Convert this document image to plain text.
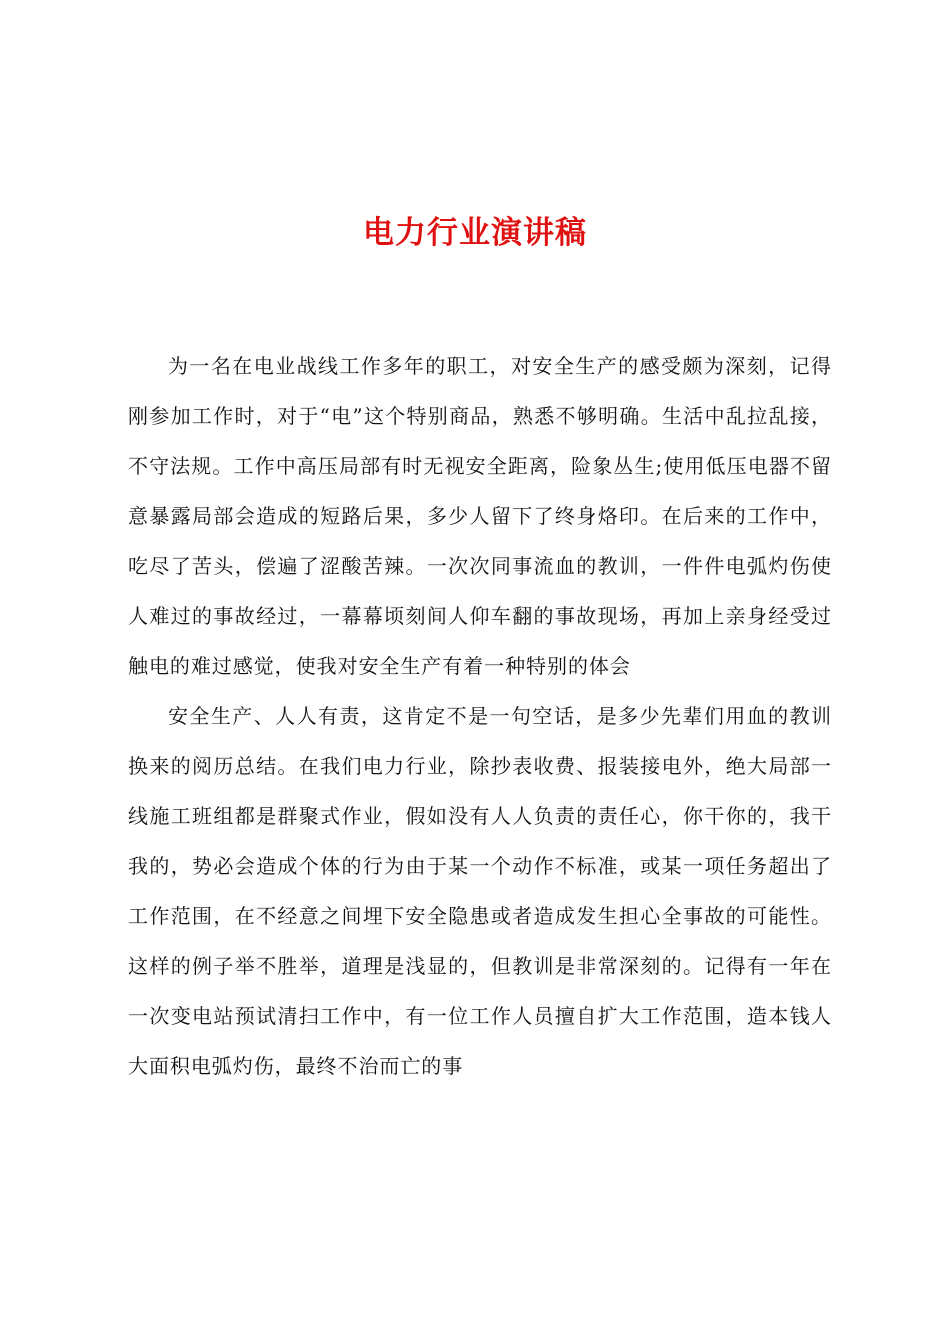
电力行业演讲稿

为一名在电业战线工作多年的职工，对安全生产的感受颇为深刻，记得刚参加工作时，对于“电”这个特别商品，熟悉不够明确。生活中乱拉乱接，不守法规。工作中高压局部有时无视安全距离，险象丛生;使用低压电器不留意暴露局部会造成的短路后果，多少人留下了终身烙印。在后来的工作中，吃尽了苦头，偿遍了涩酸苦辣。一次次同事流血的教训，一件件电弧灼伤使人难过的事故经过，一幕幕顷刻间人仰车翻的事故现场，再加上亲身经受过触电的难过感觉，使我对安全生产有着一种特别的体会

安全生产、人人有责，这肯定不是一句空话，是多少先辈们用血的教训换来的阅历总结。在我们电力行业，除抄表收费、报装接电外，绝大局部一线施工班组都是群聚式作业，假如没有人人负责的责任心，你干你的，我干我的，势必会造成个体的行为由于某一个动作不标准，或某一项任务超出了工作范围，在不经意之间埋下安全隐患或者造成发生担心全事故的可能性。这样的例子举不胜举，道理是浅显的，但教训是非常深刻的。记得有一年在一次变电站预试清扫工作中，有一位工作人员擅自扩大工作范围，造本钱人大面积电弧灼伤，最终不治而亡的事
